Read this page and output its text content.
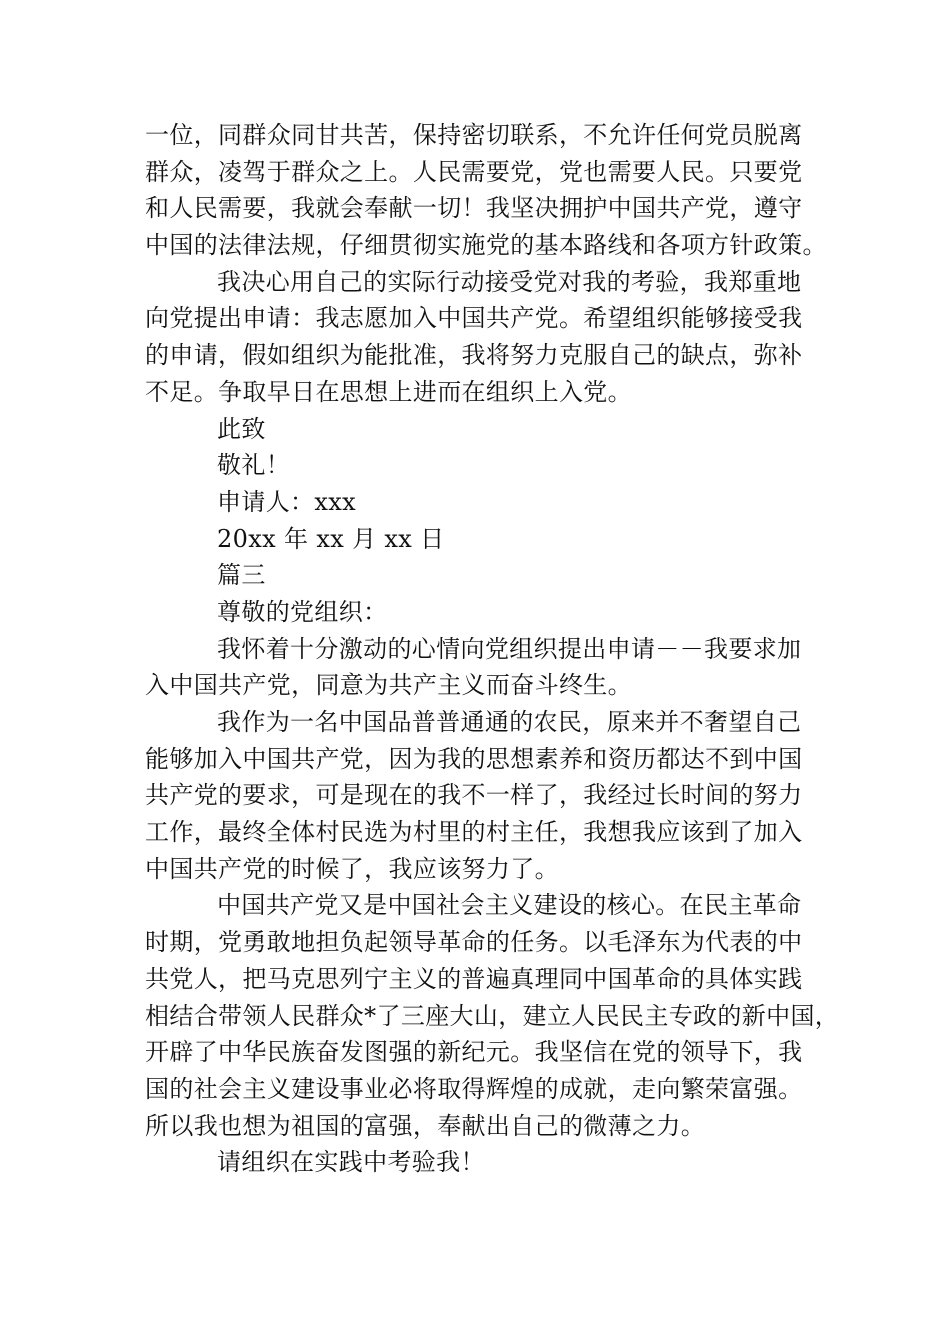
一位，同群众同甘共苦，保持密切联系，不允许任何党员脱离
群众，凌驾于群众之上。人民需要党，党也需要人民。只要党
和人民需要，我就会奉献一切！我坚决拥护中国共产党，遵守
中国的法律法规，仔细贯彻实施党的基本路线和各项方针政策。
我决心用自己的实际行动接受党对我的考验，我郑重地
向党提出申请：我志愿加入中国共产党。希望组织能够接受我
的申请，假如组织为能批准，我将努力克服自己的缺点，弥补
不足。争取早日在思想上进而在组织上入党。
此致
敬礼！
申请人：xxx
20xx 年 xx 月 xx 日
篇三
尊敬的党组织：
我怀着十分激动的心情向党组织提出申请－－我要求加
入中国共产党，同意为共产主义而奋斗终生。
我作为一名中国品普普通通的农民，原来并不奢望自己
能够加入中国共产党，因为我的思想素养和资历都达不到中国
共产党的要求，可是现在的我不一样了，我经过长时间的努力
工作，最终全体村民选为村里的村主任，我想我应该到了加入
中国共产党的时候了，我应该努力了。
中国共产党又是中国社会主义建设的核心。在民主革命
时期，党勇敢地担负起领导革命的任务。以毛泽东为代表的中
共党人，把马克思列宁主义的普遍真理同中国革命的具体实践
相结合带领人民群众*了三座大山，建立人民民主专政的新中国，
开辟了中华民族奋发图强的新纪元。我坚信在党的领导下，我
国的社会主义建设事业必将取得辉煌的成就，走向繁荣富强。
所以我也想为祖国的富强，奉献出自己的微薄之力。
请组织在实践中考验我！
